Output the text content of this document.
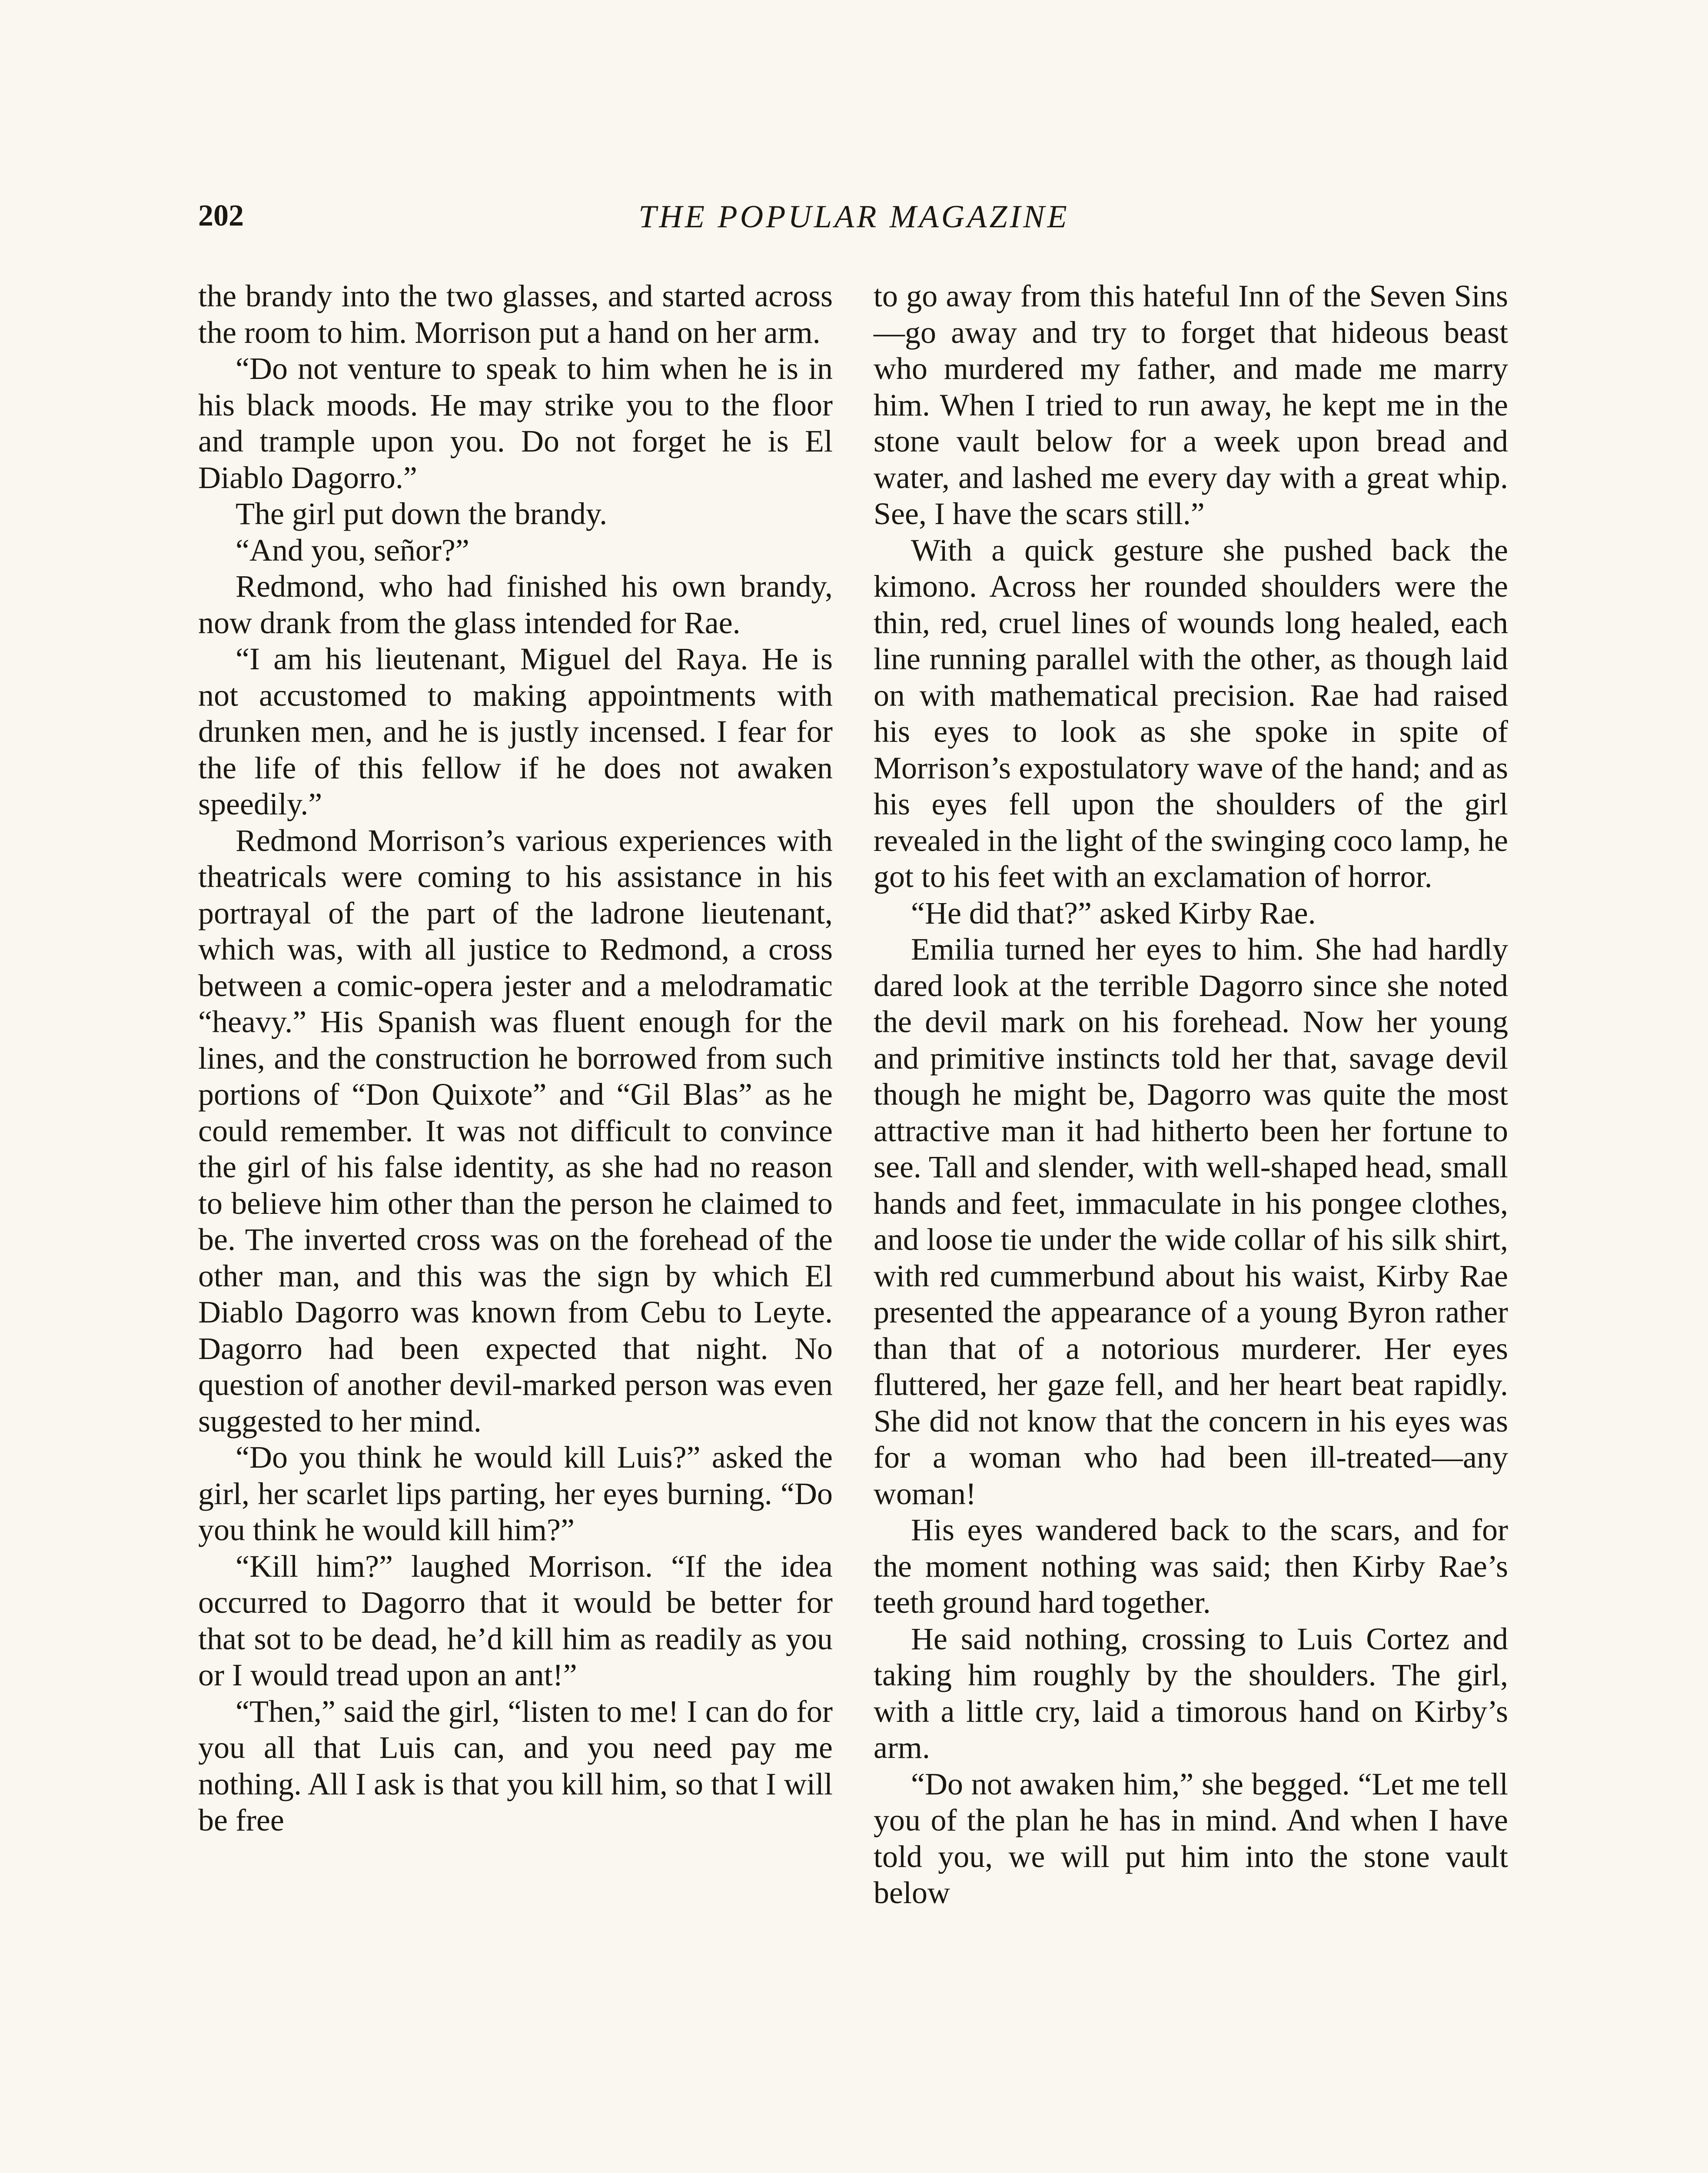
202	THE POPULAR MAGAZINE

the brandy into the two glasses, and started across the room to him. Morrison put a hand on her arm.

“Do not venture to speak to him when he is in his black moods. He may strike you to the floor and trample upon you. Do not forget he is El Diablo Dagorro.”

The girl put down the brandy.

“And you, señor?”

Redmond, who had finished his own brandy, now drank from the glass intended for Rae.

“I am his lieutenant, Miguel del Raya. He is not accustomed to making appointments with drunken men, and he is justly incensed. I fear for the life of this fellow if he does not awaken speedily.”

Redmond Morrison’s various experiences with theatricals were coming to his assistance in his portrayal of the part of the ladrone lieutenant, which was, with all justice to Redmond, a cross between a comic-opera jester and a melodramatic “heavy.” His Spanish was fluent enough for the lines, and the construction he borrowed from such portions of “Don Quixote” and “Gil Blas” as he could remember. It was not difficult to convince the girl of his false identity, as she had no reason to believe him other than the person he claimed to be. The inverted cross was on the forehead of the other man, and this was the sign by which El Diablo Dagorro was known from Cebu to Leyte. Dagorro had been expected that night. No question of another devil-marked person was even suggested to her mind.

“Do you think he would kill Luis?” asked the girl, her scarlet lips parting, her eyes burning. “Do you think he would kill him?”

“Kill him?” laughed Morrison. “If the idea occurred to Dagorro that it would be better for that sot to be dead, he’d kill him as readily as you or I would tread upon an ant!”

“Then,” said the girl, “listen to me! I can do for you all that Luis can, and you need pay me nothing. All I ask is that you kill him, so that I will be free

to go away from this hateful Inn of the Seven Sins—go away and try to forget that hideous beast who murdered my father, and made me marry him. When I tried to run away, he kept me in the stone vault below for a week upon bread and water, and lashed me every day with a great whip. See, I have the scars still.”

With a quick gesture she pushed back the kimono. Across her rounded shoulders were the thin, red, cruel lines of wounds long healed, each line running parallel with the other, as though laid on with mathematical precision. Rae had raised his eyes to look as she spoke in spite of Morrison’s expostulatory wave of the hand; and as his eyes fell upon the shoulders of the girl revealed in the light of the swinging coco lamp, he got to his feet with an exclamation of horror.

“He did that?” asked Kirby Rae.

Emilia turned her eyes to him. She had hardly dared look at the terrible Dagorro since she noted the devil mark on his forehead. Now her young and primitive instincts told her that, savage devil though he might be, Dagorro was quite the most attractive man it had hitherto been her fortune to see. Tall and slender, with well-shaped head, small hands and feet, immaculate in his pongee clothes, and loose tie under the wide collar of his silk shirt, with red cummerbund about his waist, Kirby Rae presented the appearance of a young Byron rather than that of a notorious murderer. Her eyes fluttered, her gaze fell, and her heart beat rapidly. She did not know that the concern in his eyes was for a woman who had been ill-treated—any woman!

His eyes wandered back to the scars, and for the moment nothing was said; then Kirby Rae’s teeth ground hard together.

He said nothing, crossing to Luis Cortez and taking him roughly by the shoulders. The girl, with a little cry, laid a timorous hand on Kirby’s arm.

“Do not awaken him,” she begged. “Let me tell you of the plan he has in mind. And when I have told you, we will put him into the stone vault below
